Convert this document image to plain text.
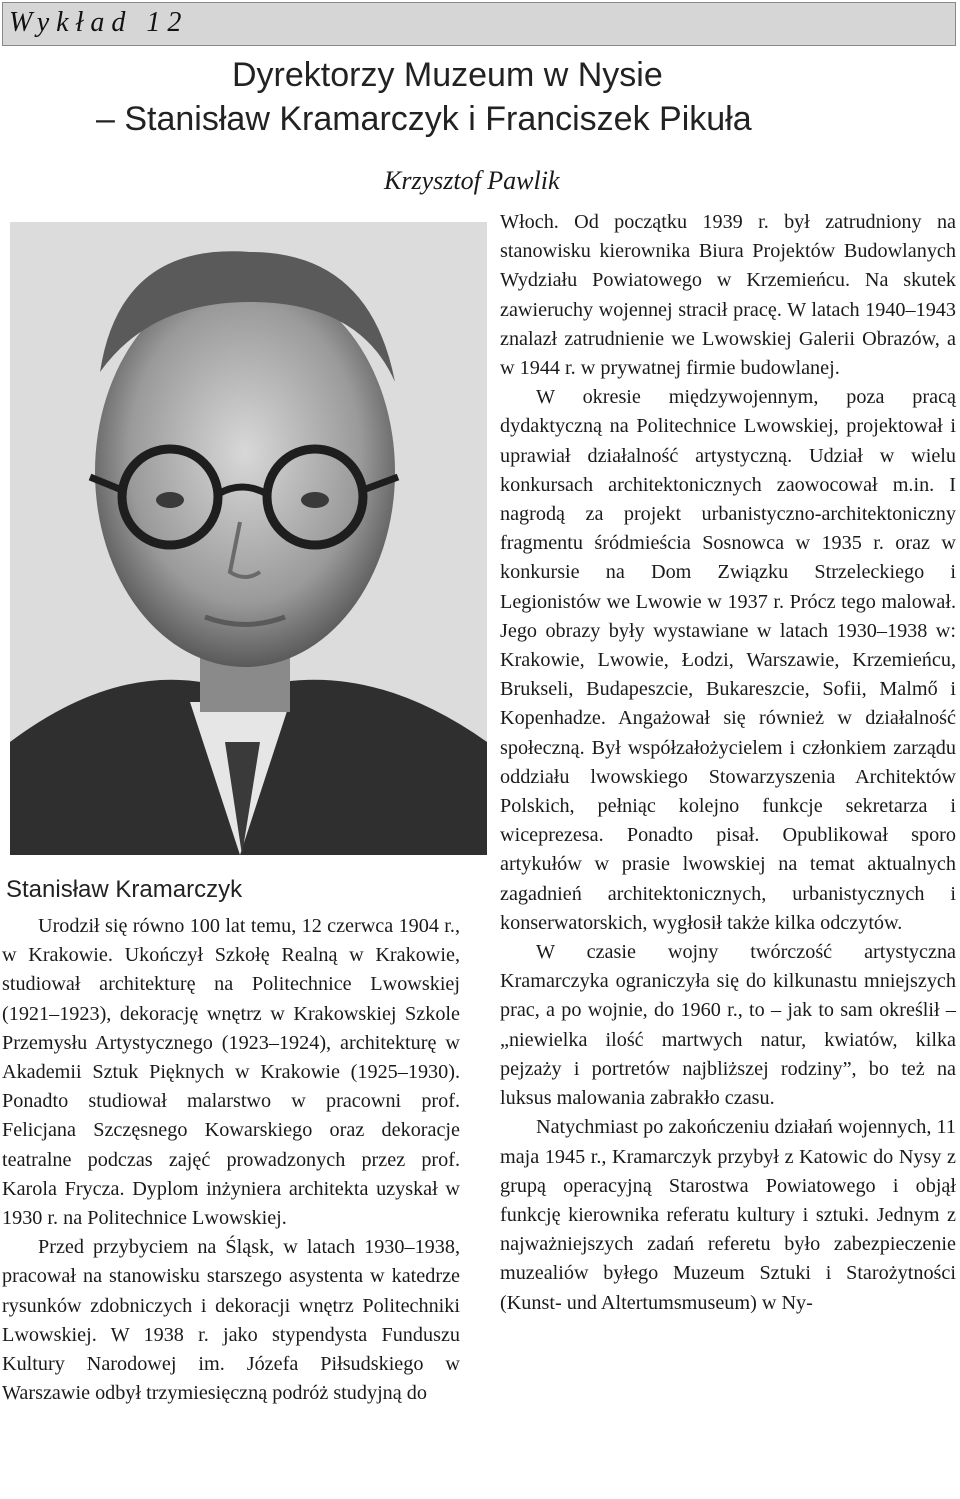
Wykład 12
Dyrektorzy Muzeum w Nysie
– Stanisław Kramarczyk i Franciszek Pikuła
Krzysztof Pawlik
Stanisław Kramarczyk

Urodził się równo 100 lat temu, 12 czerwca 1904 r., w Krakowie. Ukończył Szkołę Realną w Krakowie, studiował architekturę na Politechnice Lwowskiej (1921–1923), dekorację wnętrz w Krakowskiej Szkole Przemysłu Artystycznego (1923–1924), architekturę w Akademii Sztuk Pięknych w Krakowie (1925–1930). Ponadto studiował malarstwo w pracowni prof. Felicjana Szczęsnego Kowarskiego oraz dekoracje teatralne podczas zajęć prowadzonych przez prof. Karola Frycza. Dyplom inżyniera architekta uzyskał w 1930 r. na Politechnice Lwowskiej.

Przed przybyciem na Śląsk, w latach 1930–1938, pracował na stanowisku starszego asystenta w katedrze rysunków zdobniczych i dekoracji wnętrz Politechniki Lwowskiej. W 1938 r. jako stypendysta Funduszu Kultury Narodowej im. Józefa Piłsudskiego w Warszawie odbył trzymiesięczną podróż studyjną do

Włoch. Od początku 1939 r. był zatrudniony na stanowisku kierownika Biura Projektów Budowlanych Wydziału Powiatowego w Krzemieńcu. Na skutek zawieruchy wojennej stracił pracę. W latach 1940–1943 znalazł zatrudnienie we Lwowskiej Galerii Obrazów, a w 1944 r. w prywatnej firmie budowlanej.

W okresie międzywojennym, poza pracą dydaktyczną na Politechnice Lwowskiej, projektował i uprawiał działalność artystyczną. Udział w wielu konkursach architektonicznych zaowocował m.in. I nagrodą za projekt urbanistyczno-architektoniczny fragmentu śródmieścia Sosnowca w 1935 r. oraz w konkursie na Dom Związku Strzeleckiego i Legionistów we Lwowie w 1937 r. Prócz tego malował. Jego obrazy były wystawiane w latach 1930–1938 w: Krakowie, Lwowie, Łodzi, Warszawie, Krzemieńcu, Brukseli, Budapeszcie, Bukareszcie, Sofii, Malmő i Kopenhadze. Angażował się również w działalność społeczną. Był współzałożycielem i członkiem zarządu oddziału lwowskiego Stowarzyszenia Architektów Polskich, pełniąc kolejno funkcje sekretarza i wiceprezesa. Ponadto pisał. Opublikował sporo artykułów w prasie lwowskiej na temat aktualnych zagadnień architektonicznych, urbanistycznych i konserwatorskich, wygłosił także kilka odczytów.

W czasie wojny twórczość artystyczna Kramarczyka ograniczyła się do kilkunastu mniejszych prac, a po wojnie, do 1960 r., to – jak to sam określił – „niewielka ilość martwych natur, kwiatów, kilka pejzaży i portretów najbliższej rodziny”, bo też na luksus malowania zabrakło czasu.

Natychmiast po zakończeniu działań wojennych, 11 maja 1945 r., Kramarczyk przybył z Katowic do Nysy z grupą operacyjną Starostwa Powiatowego i objął funkcję kierownika referatu kultury i sztuki. Jednym z najważniejszych zadań referetu było zabezpieczenie muzealiów byłego Muzeum Sztuki i Starożytności (Kunst- und Altertumsmuseum) w Ny-
